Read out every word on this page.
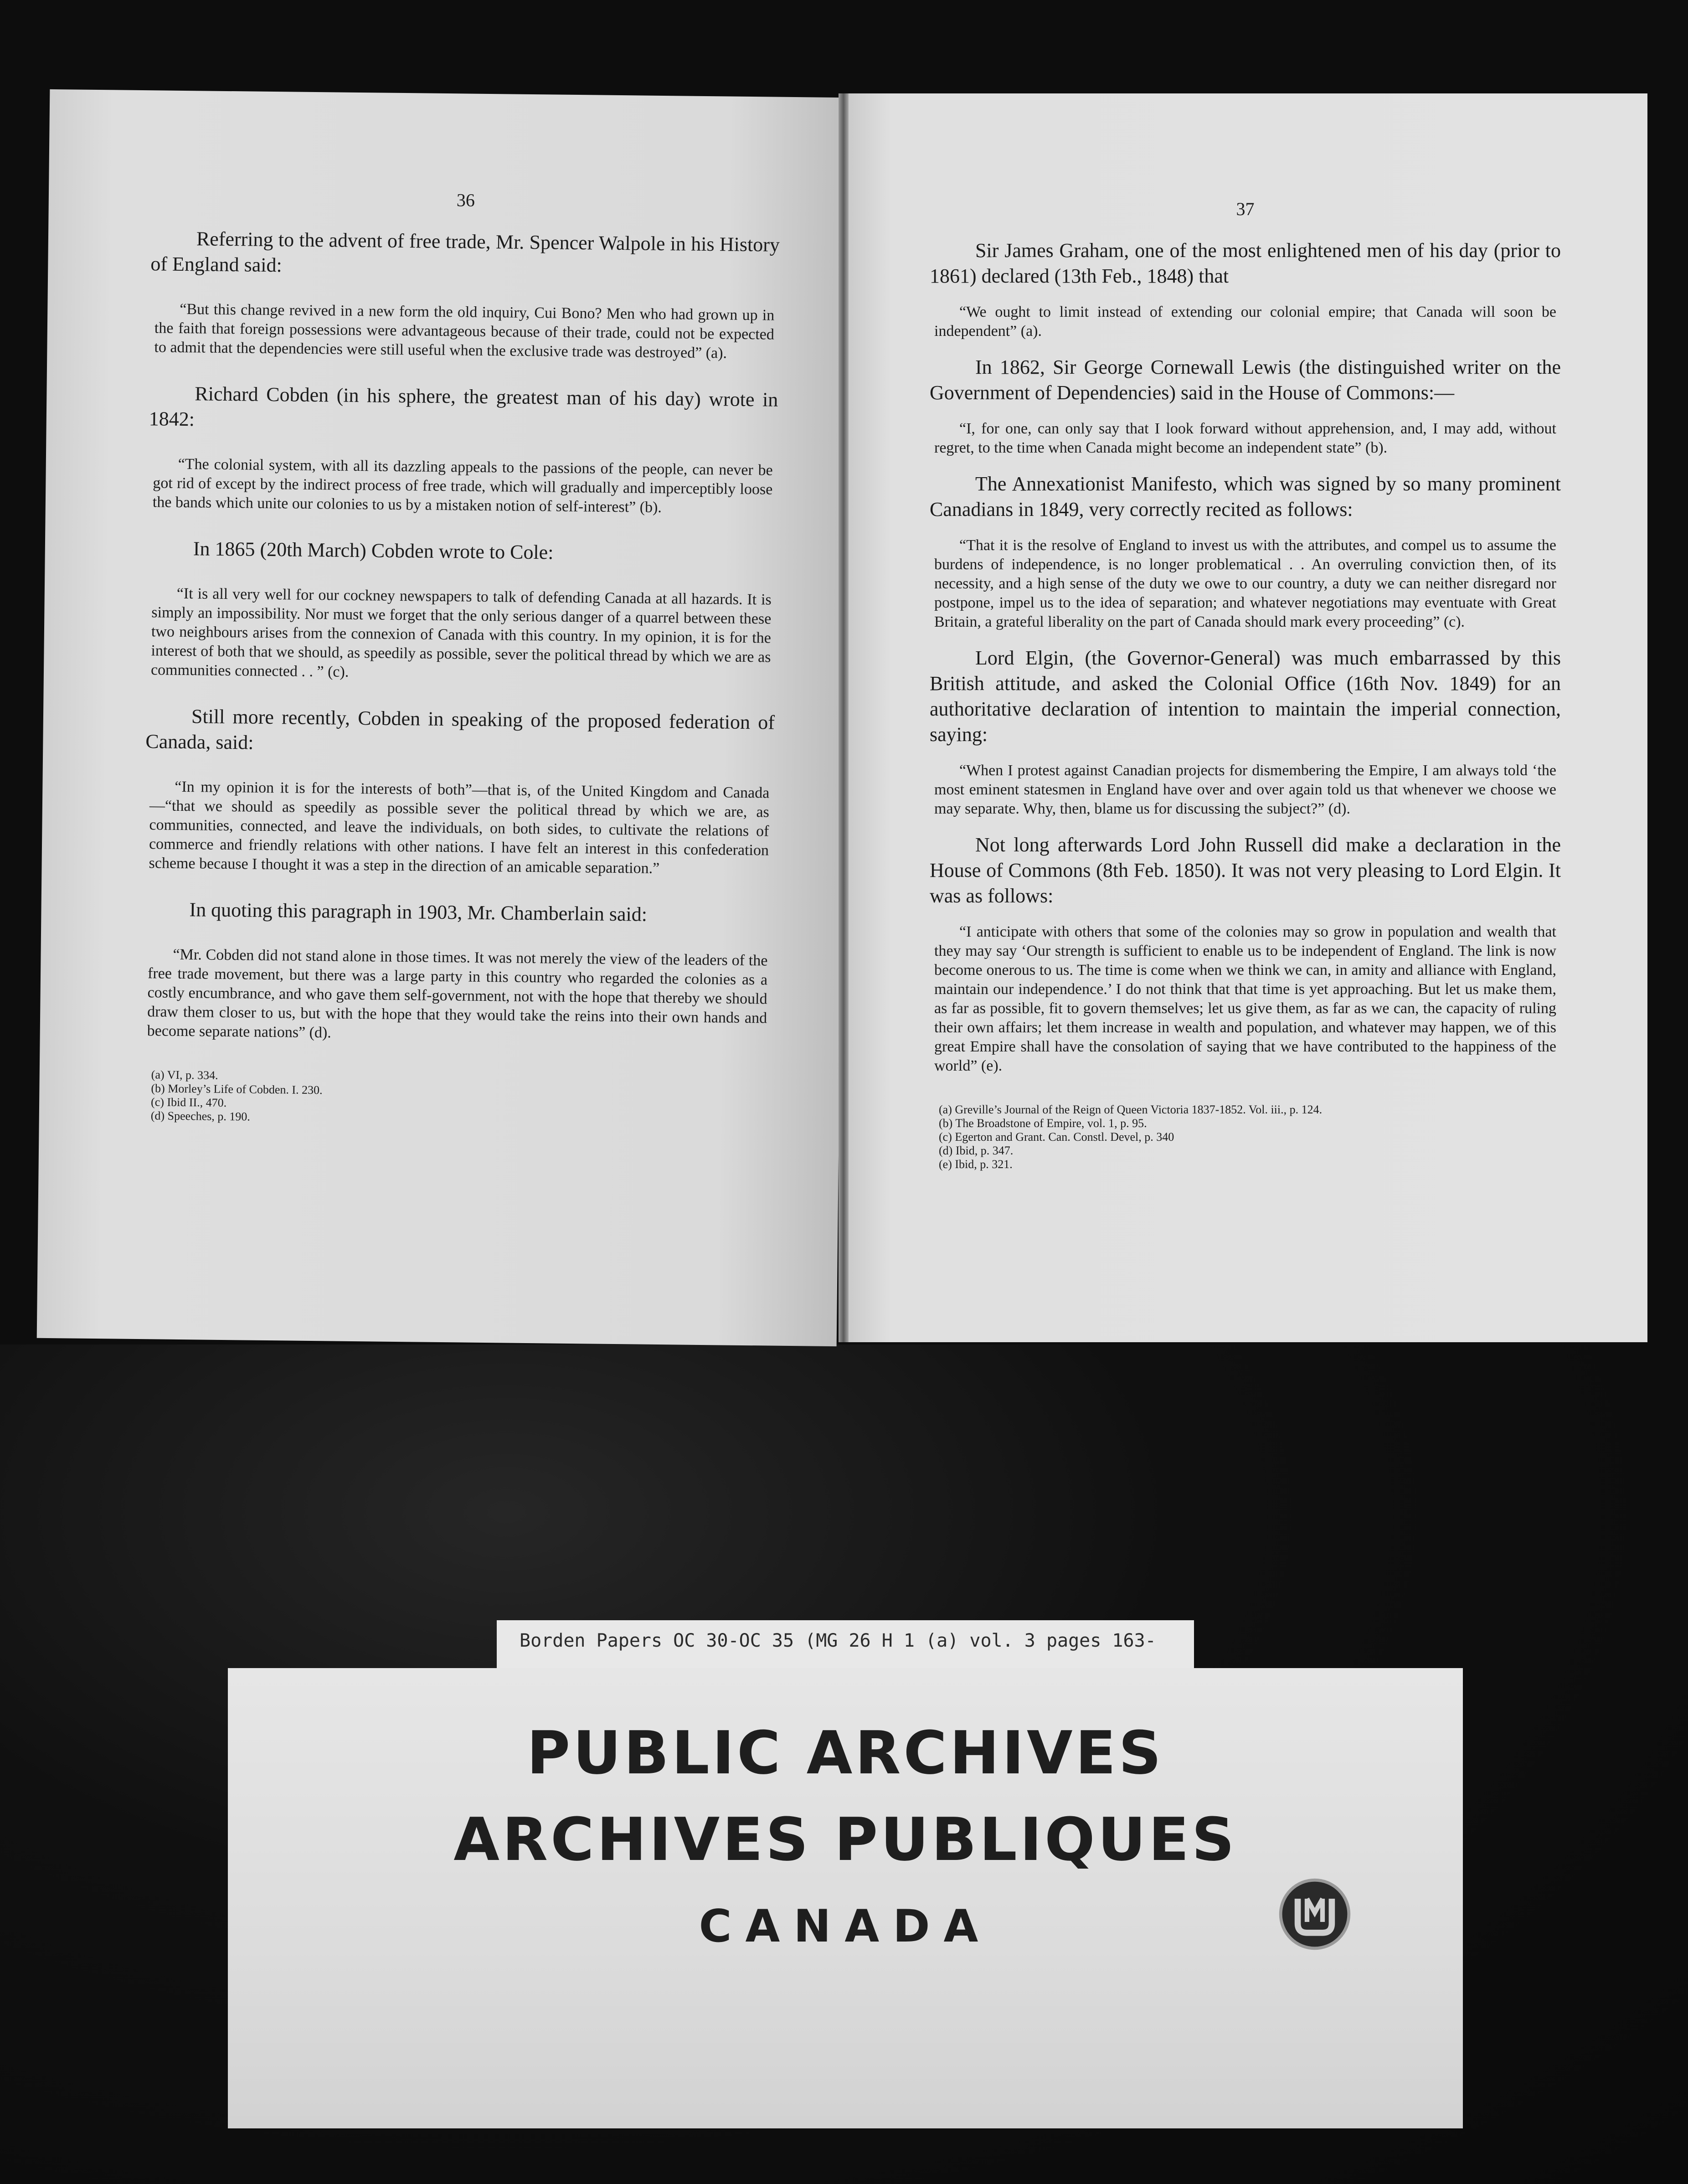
36

Referring to the advent of free trade, Mr. Spencer Walpole in his History of England said:

“But this change revived in a new form the old inquiry, Cui Bono? Men who had grown up in the faith that foreign possessions were advantageous because of their trade, could not be expected to admit that the dependencies were still useful when the exclusive trade was destroyed” (a).

Richard Cobden (in his sphere, the greatest man of his day) wrote in 1842:

“The colonial system, with all its dazzling appeals to the passions of the people, can never be got rid of except by the indirect process of free trade, which will gradually and imperceptibly loose the bands which unite our colonies to us by a mistaken notion of self-interest” (b).

In 1865 (20th March) Cobden wrote to Cole:

“It is all very well for our cockney newspapers to talk of defending Canada at all hazards. It is simply an impossibility. Nor must we forget that the only serious danger of a quarrel between these two neighbours arises from the connexion of Canada with this country. In my opinion, it is for the interest of both that we should, as speedily as possible, sever the political thread by which we are as communities connected . . ” (c).

Still more recently, Cobden in speaking of the proposed federation of Canada, said:

“In my opinion it is for the interests of both”—that is, of the United Kingdom and Canada—“that we should as speedily as possible sever the political thread by which we are, as communities, connected, and leave the individuals, on both sides, to cultivate the relations of commerce and friendly relations with other nations. I have felt an interest in this confederation scheme because I thought it was a step in the direction of an amicable separation.”

In quoting this paragraph in 1903, Mr. Chamberlain said:

“Mr. Cobden did not stand alone in those times. It was not merely the view of the leaders of the free trade movement, but there was a large party in this country who regarded the colonies as a costly encumbrance, and who gave them self-government, not with the hope that thereby we should draw them closer to us, but with the hope that they would take the reins into their own hands and become separate nations” (d).

(a) VI, p. 334.
(b) Morley’s Life of Cobden. I. 230.
(c) Ibid II., 470.
(d) Speeches, p. 190.
37

Sir James Graham, one of the most enlightened men of his day (prior to 1861) declared (13th Feb., 1848) that

“We ought to limit instead of extending our colonial empire; that Canada will soon be independent” (a).

In 1862, Sir George Cornewall Lewis (the distinguished writer on the Government of Dependencies) said in the House of Commons:—

“I, for one, can only say that I look forward without apprehension, and, I may add, without regret, to the time when Canada might become an independent state” (b).

The Annexationist Manifesto, which was signed by so many prominent Canadians in 1849, very correctly recited as follows:

“That it is the resolve of England to invest us with the attributes, and compel us to assume the burdens of independence, is no longer problematical . . An overruling conviction then, of its necessity, and a high sense of the duty we owe to our country, a duty we can neither disregard nor postpone, impel us to the idea of separation; and whatever negotiations may eventuate with Great Britain, a grateful liberality on the part of Canada should mark every proceeding” (c).

Lord Elgin, (the Governor-General) was much embarrassed by this British attitude, and asked the Colonial Office (16th Nov. 1849) for an authoritative declaration of intention to maintain the imperial connection, saying:

“When I protest against Canadian projects for dismembering the Empire, I am always told ‘the most eminent statesmen in England have over and over again told us that whenever we choose we may separate. Why, then, blame us for discussing the subject?” (d).

Not long afterwards Lord John Russell did make a declaration in the House of Commons (8th Feb. 1850). It was not very pleasing to Lord Elgin. It was as follows:

“I anticipate with others that some of the colonies may so grow in population and wealth that they may say ‘Our strength is sufficient to enable us to be independent of England. The link is now become onerous to us. The time is come when we think we can, in amity and alliance with England, maintain our independence.’ I do not think that that time is yet approaching. But let us make them, as far as possible, fit to govern themselves; let us give them, as far as we can, the capacity of ruling their own affairs; let them increase in wealth and population, and whatever may happen, we of this great Empire shall have the consolation of saying that we have contributed to the happiness of the world” (e).

(a) Greville’s Journal of the Reign of Queen Victoria 1837-1852. Vol. iii., p. 124.
(b) The Broadstone of Empire, vol. 1, p. 95.
(c) Egerton and Grant. Can. Constl. Devel, p. 340
(d) Ibid, p. 347.
(e) Ibid, p. 321.
Borden Papers OC 30-OC 35 (MG 26 H 1 (a) vol. 3 pages 163-
PUBLIC ARCHIVES
ARCHIVES PUBLIQUES
CANADA
